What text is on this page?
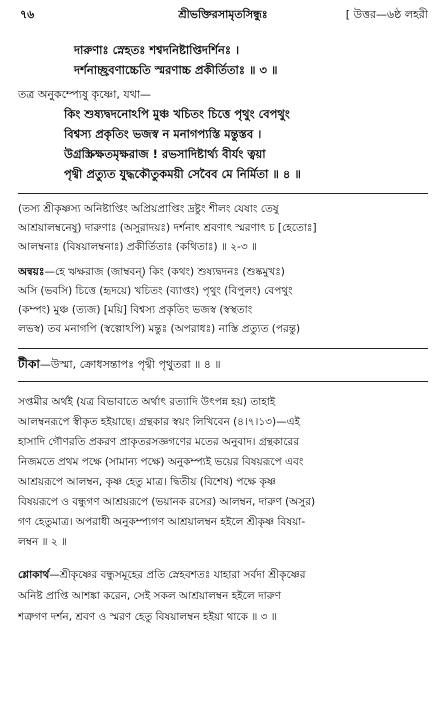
৭৬	শ্রীভক্তিরসামৃতসিন্ধুঃ	[ উত্তর—৬ষ্ঠ লহরী
দারুণাঃ স্নেহতঃ শশ্বদনিষ্টাপ্তিদর্শিনঃ ।
দর্শনাচ্ছ্রবণাচ্চেতি স্মরণাচ্চ প্রকীর্তিতাঃ ॥ ৩ ॥
তত্র অনুকম্প্যেষু কৃষ্ণো, যথা—
কিং শুষ্যদ্বদনোঽপি মুঞ্চ খচিতং চিত্তে পৃথুং বেপথুং
বিশ্বস্য প্রকৃতিং ভজস্ব ন মনাগপ্যস্তি মন্তুস্তব ।
উগ্রস্ক্রিক্ষতমৃক্ষরাজ ! রভসাদিষ্টার্থ্য বীর্যং ত্বয়া
পৃথ্বী প্রত্যুত যুদ্ধকৌতুকময়ী সেবৈব মে নির্মিতা ॥ ৪ ॥
(তস্য শ্রীকৃষ্ণস্য অনিষ্টাপ্তিং অপ্রিয়প্রাপ্তিং দ্রষ্টুং শীলং যেষাং তেষু
আশ্রয়ালম্বনেষু) দারুণাঃ (অসুরাদয়ঃ) দর্শনাৎ শ্রবণাৎ স্মরণাৎ চ [হেতোঃ]
আলম্বনাঃ (বিষয়ালম্বনাঃ) প্রকীর্তিতাঃ (কথিতাঃ) ॥ ২-৩ ॥
অন্বয়ঃ—হে ঋক্ষরাজ (জাম্ববন্) কিং (কথং) শুষ্যদ্বদনঃ (শুষ্কমুখঃ)
অসি (ভবসি) চিত্তে (হৃদয়ে) খচিতং (ব্যাপ্তং) পৃথুং (বিপুলং) বেপথুং
(কম্পং) মুঞ্চ (ত্যজ) [ময়ি] বিশ্বস্য প্রকৃতিং ভজস্ব (স্বস্থতাং
লভস্ব) তব মনাগপি (স্বল্পোঽপি) মন্তুঃ (অপরাধঃ) নাস্তি প্রত্যুত (পরন্তু)
টীকা—উস্মা, ক্রোধসন্তাপঃ পৃথ্বী পৃথুতরা ॥ ৪ ॥
সপ্তমীর অর্থই (যত্র বিভাবাতে অর্থাৎ রত্যাদি উৎপন্ন হয়) তাহাই
আলম্বনরূপে স্বীকৃত হইয়াছে। গ্রন্থকার স্বয়ং লিখিবেন (৪।৭।১৩)—এই
হাসাদি গৌণরতি প্রকরণ প্রাকৃতরসজ্ঞগণের মতের অনুবাদ। গ্রন্থকারের
নিজমতে প্রথম পক্ষে (সামান্য পক্ষে) অনুকম্প্যই ভয়ের বিষয়রূপে এবং
আশ্রয়রূপে আলম্বন, কৃষ্ণ হেতু মাত্র। দ্বিতীয় (বিশেষ) পক্ষে কৃষ্ণ
বিষয়রূপে ও বন্ধুগণ আশ্রয়রূপে (ভয়ানক রসের) আলম্বন, দারুণ (অসুর)
গণ হেতুমাত্র। অপরাধী অনুকম্প্যগণ আশ্রয়ালম্বন হইলে শ্রীকৃষ্ণ বিষয়া-
লম্বন ॥ ২ ॥
শ্লোকার্থ—শ্রীকৃষ্ণের বন্ধুসমূহের প্রতি স্নেহবশতঃ যাহারা সর্বদা শ্রীকৃষ্ণের
অনিষ্ট প্রাপ্তি আশঙ্কা করেন, সেই সকল আশ্রয়ালম্বন হইলে দারুণ
শত্রুগণ দর্শন, শ্রবণ ও স্মরণ হেতু বিষয়ালম্বন হইয়া থাকে ॥ ৩ ॥
